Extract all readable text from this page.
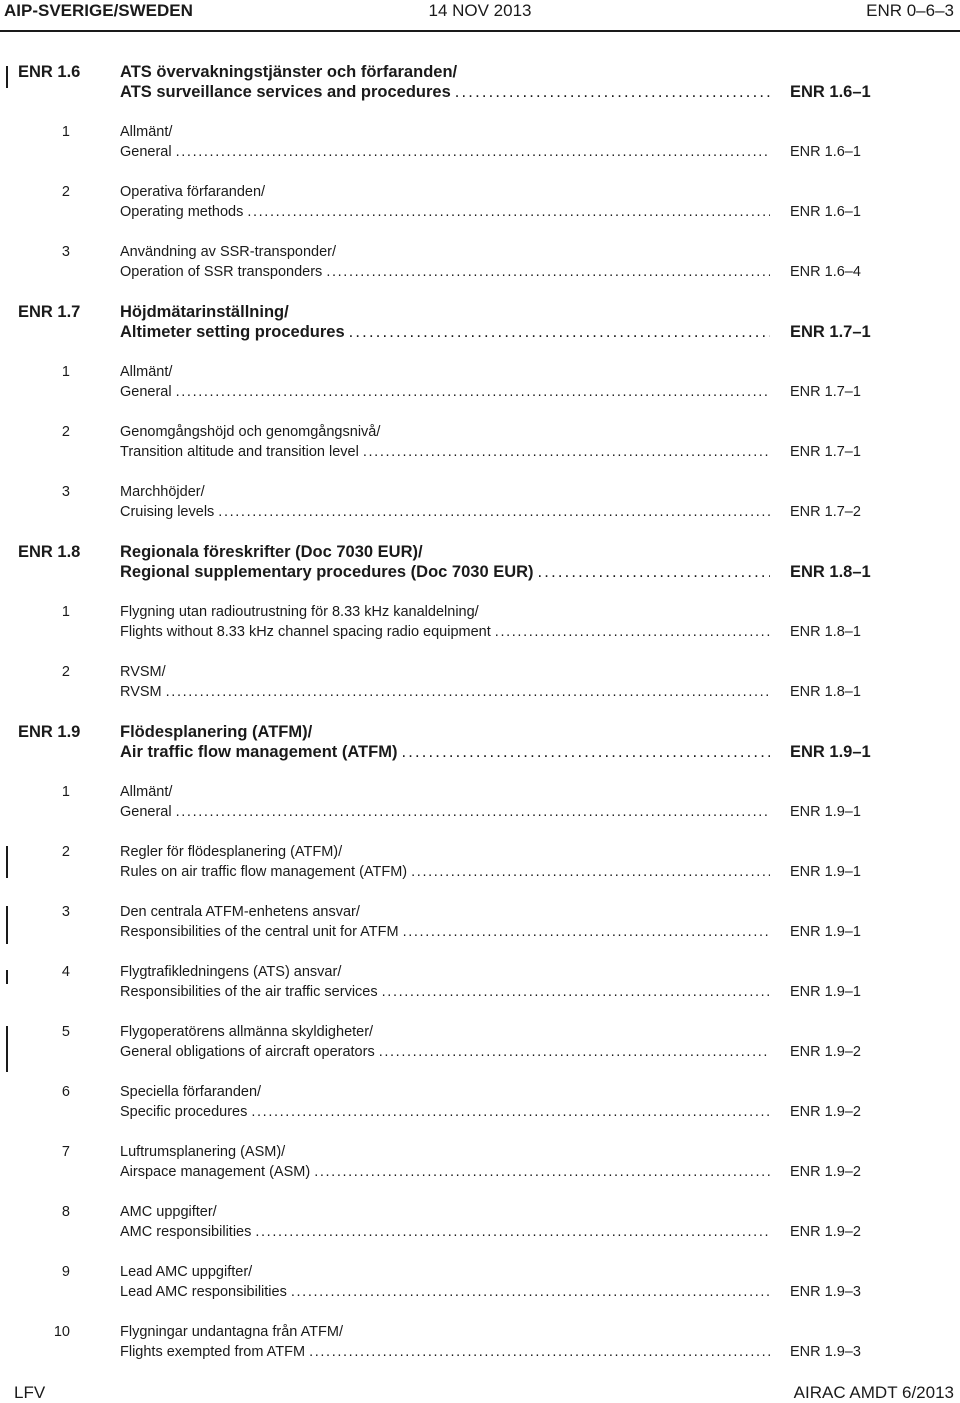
14 NOV 2013
AIP-SVERIGE/SWEDEN	ENR 0–6–3
ENR 1.6 ATS övervakningstjänster och förfaranden/
ATS surveillance services and procedures . . .	ENR 1.6–1
1	Allmänt/
General . . .	ENR 1.6–1
2	Operativa förfaranden/
Operating methods . . .	ENR 1.6–1
3	Användning av SSR-transponder/
Operation of SSR transponders . . .	ENR 1.6–4
ENR 1.7 Höjdmätarinställning/
Altimeter setting procedures . . .	ENR 1.7–1
1	Allmänt/
General . . .	ENR 1.7–1
2	Genomgångshöjd och genomgångsnivå/
Transition altitude and transition level . . .	ENR 1.7–1
3	Marchhöjder/
Cruising levels . . .	ENR 1.7–2
ENR 1.8 Regionala föreskrifter (Doc 7030 EUR)/
Regional supplementary procedures (Doc 7030 EUR) . . .	ENR 1.8–1
1	Flygning utan radioutrustning för 8.33 kHz kanaldelning/
Flights without 8.33 kHz channel spacing radio equipment . . .	ENR 1.8–1
2	RVSM/
RVSM . . .	ENR 1.8–1
ENR 1.9 Flödesplanering (ATFM)/
Air traffic flow management (ATFM) . . .	ENR 1.9–1
1	Allmänt/
General . . .	ENR 1.9–1
2	Regler för flödesplanering (ATFM)/
Rules on air traffic flow management (ATFM) . . .	ENR 1.9–1
3	Den centrala ATFM-enhetens ansvar/
Responsibilities of the central unit for ATFM . . .	ENR 1.9–1
4	Flygtrafikledningens (ATS) ansvar/
Responsibilities of the air traffic services . . .	ENR 1.9–1
5	Flygoperatörens allmänna skyldigheter/
General obligations of aircraft operators . . .	ENR 1.9–2
6	Speciella förfaranden/
Specific procedures . . .	ENR 1.9–2
7	Luftrumsplanering (ASM)/
Airspace management (ASM) . . .	ENR 1.9–2
8	AMC uppgifter/
AMC responsibilities . . .	ENR 1.9–2
9	Lead AMC uppgifter/
Lead AMC responsibilities . . .	ENR 1.9–3
10	Flygningar undantagna från ATFM/
Flights exempted from ATFM . . .	ENR 1.9–3
LFV	AIRAC AMDT 6/2013
